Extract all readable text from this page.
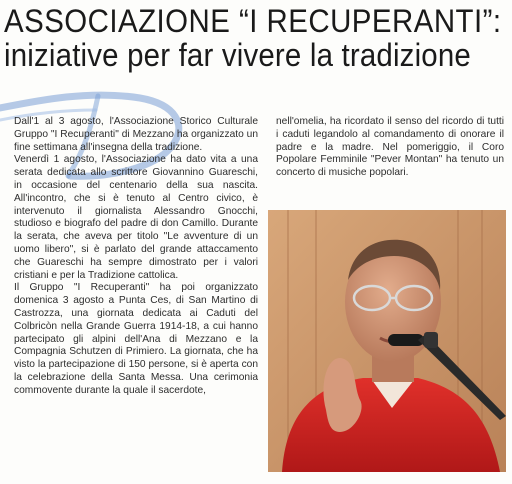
ASSOCIAZIONE “I RECUPERANTI”:
iniziative per far vivere la tradizione

Dall'1 al 3 agosto, l'Associazione Storico Culturale Gruppo "I Recuperanti" di Mezzano ha organizzato un fine settimana all'insegna della tradizione.

Venerdì 1 agosto, l'Associazione ha dato vita a una serata dedicata allo scrittore Giovannino Guareschi, in occasione del centenario della sua nascita. All'incontro, che si è tenuto al Centro civico, è intervenuto il giornalista Alessandro Gnocchi, studioso e biografo del padre di don Camillo. Durante la serata, che aveva per titolo "Le avventure di un uomo libero", si è parlato del grande attaccamento che Guareschi ha sempre dimostrato per i valori cristiani e per la Tradizione cattolica.

Il Gruppo "I Recuperanti" ha poi organizzato domenica 3 agosto a Punta Ces, di San Martino di Castrozza, una giornata dedicata ai Caduti del Colbricòn nella Grande Guerra 1914-18, a cui hanno partecipato gli alpini dell'Ana di Mezzano e la Compagnia Schutzen di Primiero. La giornata, che ha visto la partecipazione di 150 persone, si è aperta con la celebrazione della Santa Messa. Una cerimonia commovente durante la quale il sacerdote,

nell'omelia, ha ricordato il senso del ricordo di tutti i caduti legandolo al comandamento di onorare il padre e la madre. Nel pomeriggio, il Coro Popolare Femminile "Pever Montan" ha tenuto un concerto di musiche popolari.
